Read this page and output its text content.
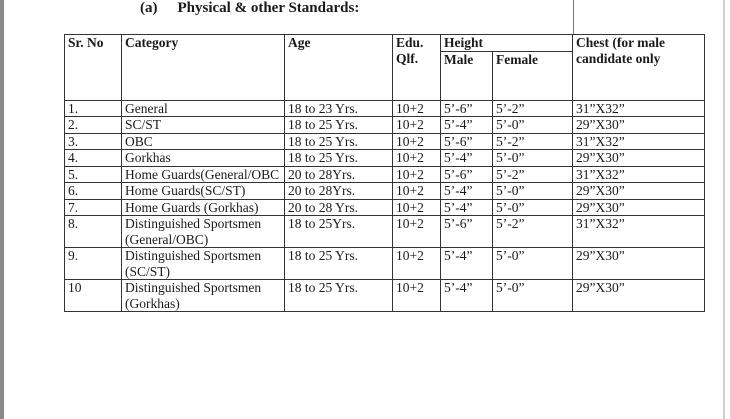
(a) Physical & other Standards:
Sr. No	Category	Age	Edu. Qlf.	Height		Chest (for male candidate only
				Male	Female	
1.	General	18 to 23 Yrs.	10+2	5’-6”	5’-2”	31”X32”
2.	SC/ST	18 to 25 Yrs.	10+2	5’-4”	5’-0”	29”X30”
3.	OBC	18 to 25 Yrs.	10+2	5’-6”	5’-2”	31”X32”
4.	Gorkhas	18 to 25 Yrs.	10+2	5’-4”	5’-0”	29”X30”
5.	Home Guards(General/OBC	20 to 28Yrs.	10+2	5’-6”	5’-2”	31”X32”
6.	Home Guards(SC/ST)	20 to 28Yrs.	10+2	5’-4”	5’-0”	29”X30”
7.	Home Guards (Gorkhas)	20 to 28 Yrs.	10+2	5’-4”	5’-0”	29”X30”
8.	Distinguished Sportsmen (General/OBC)	18 to 25Yrs.	10+2	5’-6”	5’-2”	31”X32”
9.	Distinguished Sportsmen (SC/ST)	18 to 25 Yrs.	10+2	5’-4”	5’-0”	29”X30”
10	Distinguished Sportsmen (Gorkhas)	18 to 25 Yrs.	10+2	5’-4”	5’-0”	29”X30”
